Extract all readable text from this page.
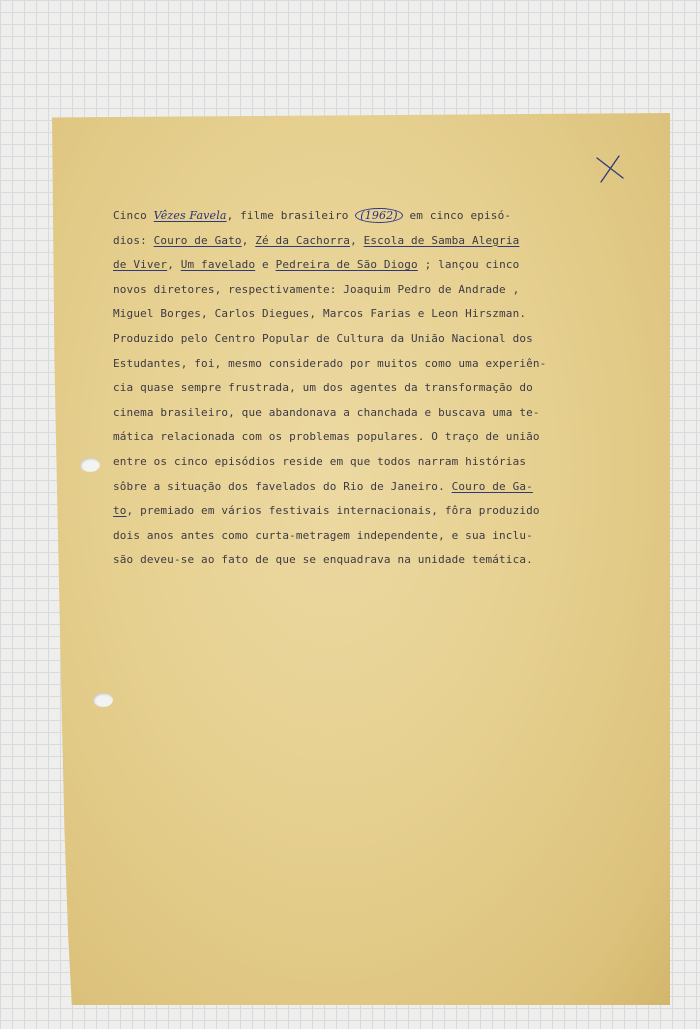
Cinco Vêzes Favela, filme brasileiro (1962) em cinco episó-
dios: Couro de Gato, Zé da Cachorra, Escola de Samba Alegria
de Viver, Um favelado e Pedreira de São Diogo ; lançou cinco
novos diretores, respectivamente: Joaquim Pedro de Andrade ,
Miguel Borges, Carlos Diegues, Marcos Farias e Leon Hirszman.
Produzido pelo Centro Popular de Cultura da União Nacional dos
Estudantes, foi, mesmo considerado por muitos como uma experiên-
cia quase sempre frustrada, um dos agentes da transformação do
cinema brasileiro, que abandonava a chanchada e buscava uma te-
mática relacionada com os problemas populares. O traço de união
entre os cinco episódios reside em que todos narram histórias
sôbre a situação dos favelados do Rio de Janeiro. Couro de Ga-
to, premiado em vários festivais internacionais, fôra produzido
dois anos antes como curta-metragem independente, e sua inclu-
são deveu-se ao fato de que se enquadrava na unidade temática.
